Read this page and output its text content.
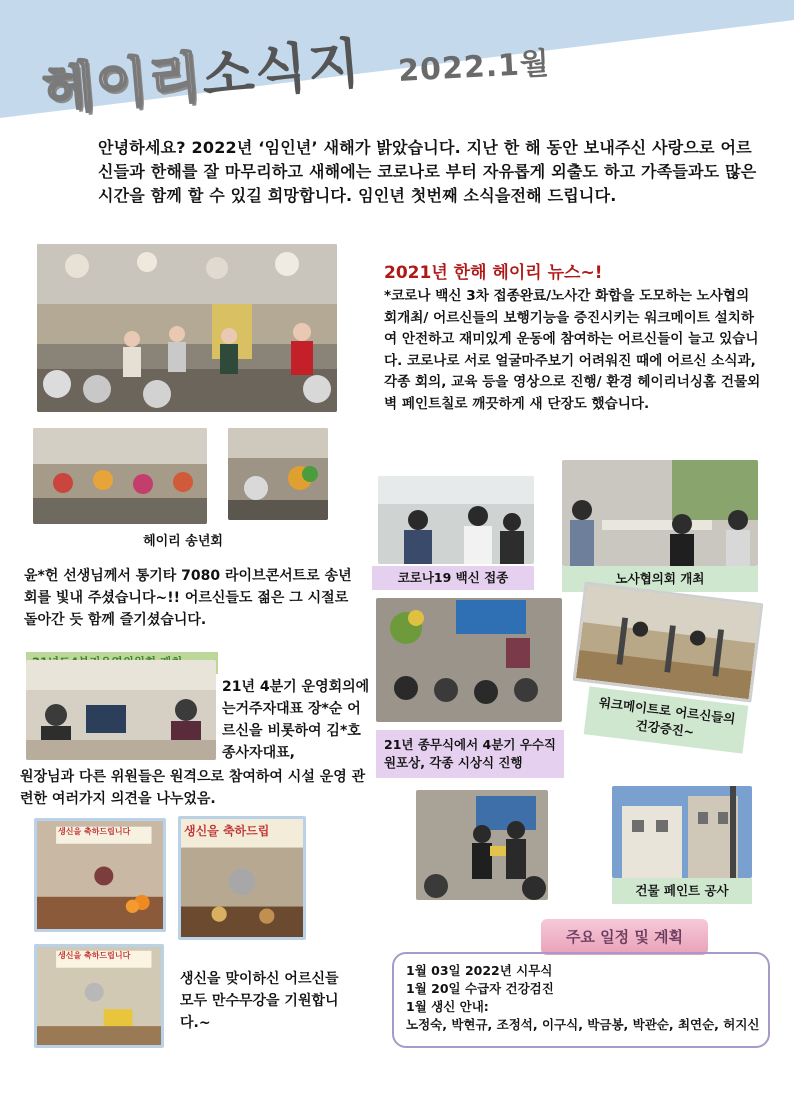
헤이리소식지 2022.1월
안녕하세요? 2022년 ‘임인년’ 새해가 밝았습니다. 지난 한 해 동안 보내주신 사랑으로 어르신들과 한해를 잘 마무리하고 새해에는 코로나로 부터 자유롭게 외출도 하고 가족들과도 많은 시간을 함께 할 수 있길 희망합니다. 임인년 첫번째 소식을전해 드립니다.
헤이리 송년회
윤*헌 선생님께서 통기타 7080 라이브콘서트로 송년회를 빛내 주셨습니다~!! 어르신들도 젊은 그 시절로 돌아간 듯 함께 즐기셨습니다.
21년 4분기 운영회의에는거주자대표 장*순 어르신을 비롯하여 김*호종사자대표,
원장님과 다른 위원들은 원격으로 참여하여 시설 운영 관련한 여러가지 의견을 나누었음.
생신을 축하드립니다	생신을 축하드립
생신을 축하드립니다
생신을 맞이하신 어르신들 모두 만수무강을 기원합니다.~
2021년 한해 헤이리 뉴스~!
*코로나 백신 3차 접종완료/노사간 화합을 도모하는 노사협의회개최/ 어르신들의 보행기능을 증진시키는 워크메이트 설치하여 안전하고 재미있게 운동에 참여하는 어르신들이 늘고 있습니다. 코로나로 서로 얼굴마주보기 어려워진 때에 어르신 소식과, 각종 회의, 교육 등을 영상으로 진행/ 환경 헤이리너싱홈 건물외벽 페인트칠로 깨끗하게 새 단장도 했습니다.
코로나19 백신 접종	노사협의회 개최
21년 종무식에서 4분기 우수직원포상, 각종 시상식 진행
워크메이트로 어르신들의 건강증진~
건물 페인트 공사
주요 일정 및 계획
1월 03일 2022년 시무식
1월 20일 수급자 건강검진
1월 생신 안내:
노정숙, 박현규, 조정석, 이구식, 박금봉, 박관순, 최연순, 허지신
